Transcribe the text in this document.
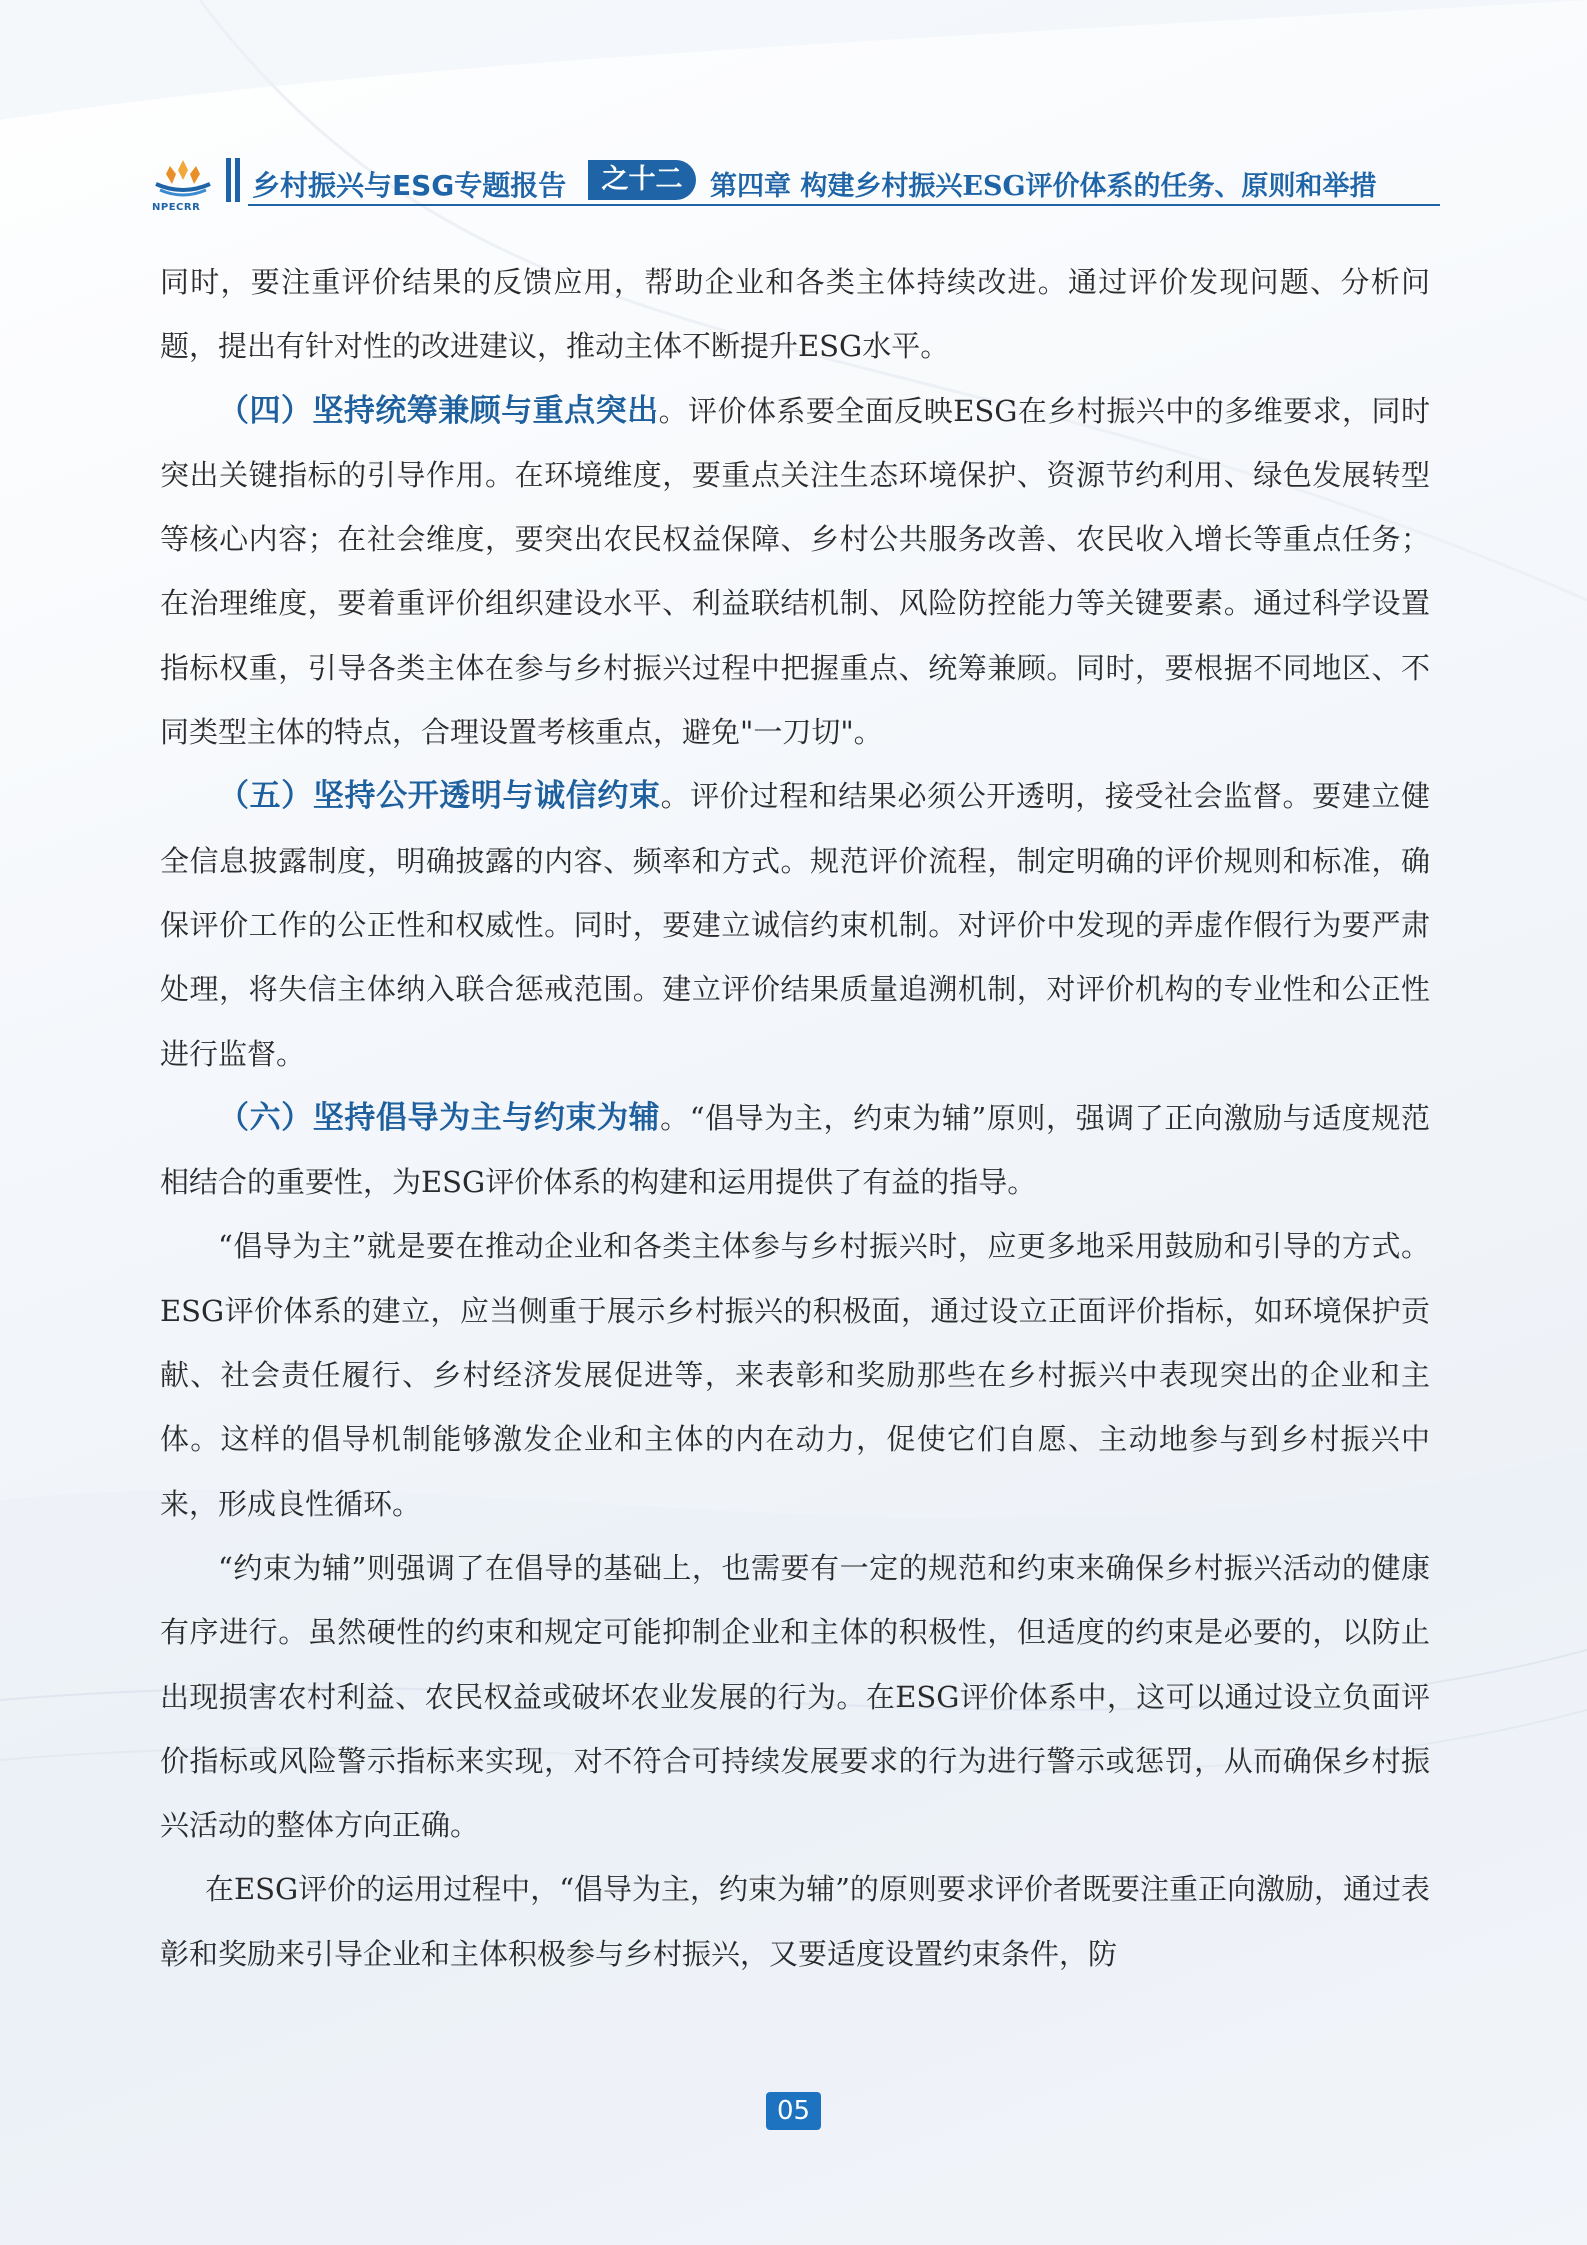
NPECRR
乡村振兴与ESG专题报告	之十二	第四章 构建乡村振兴ESG评价体系的任务、原则和举措

同时，要注重评价结果的反馈应用，帮助企业和各类主体持续改进。通过评价发现问题、分析问题，提出有针对性的改进建议，推动主体不断提升ESG水平。

（四）坚持统筹兼顾与重点突出。评价体系要全面反映ESG在乡村振兴中的多维要求，同时突出关键指标的引导作用。在环境维度，要重点关注生态环境保护、资源节约利用、绿色发展转型等核心内容；在社会维度，要突出农民权益保障、乡村公共服务改善、农民收入增长等重点任务；在治理维度，要着重评价组织建设水平、利益联结机制、风险防控能力等关键要素。通过科学设置指标权重，引导各类主体在参与乡村振兴过程中把握重点、统筹兼顾。同时，要根据不同地区、不同类型主体的特点，合理设置考核重点，避免"一刀切"。

（五）坚持公开透明与诚信约束。评价过程和结果必须公开透明，接受社会监督。要建立健全信息披露制度，明确披露的内容、频率和方式。规范评价流程，制定明确的评价规则和标准，确保评价工作的公正性和权威性。同时，要建立诚信约束机制。对评价中发现的弄虚作假行为要严肃处理，将失信主体纳入联合惩戒范围。建立评价结果质量追溯机制，对评价机构的专业性和公正性进行监督。

（六）坚持倡导为主与约束为辅。“倡导为主，约束为辅”原则，强调了正向激励与适度规范相结合的重要性，为ESG评价体系的构建和运用提供了有益的指导。

“倡导为主”就是要在推动企业和各类主体参与乡村振兴时，应更多地采用鼓励和引导的方式。ESG评价体系的建立，应当侧重于展示乡村振兴的积极面，通过设立正面评价指标，如环境保护贡献、社会责任履行、乡村经济发展促进等，来表彰和奖励那些在乡村振兴中表现突出的企业和主体。这样的倡导机制能够激发企业和主体的内在动力，促使它们自愿、主动地参与到乡村振兴中来，形成良性循环。

“约束为辅”则强调了在倡导的基础上，也需要有一定的规范和约束来确保乡村振兴活动的健康有序进行。虽然硬性的约束和规定可能抑制企业和主体的积极性，但适度的约束是必要的，以防止出现损害农村利益、农民权益或破坏农业发展的行为。在ESG评价体系中，这可以通过设立负面评价指标或风险警示指标来实现，对不符合可持续发展要求的行为进行警示或惩罚，从而确保乡村振兴活动的整体方向正确。

在ESG评价的运用过程中，“倡导为主，约束为辅”的原则要求评价者既要注重正向激励，通过表彰和奖励来引导企业和主体积极参与乡村振兴，又要适度设置约束条件，防

05
